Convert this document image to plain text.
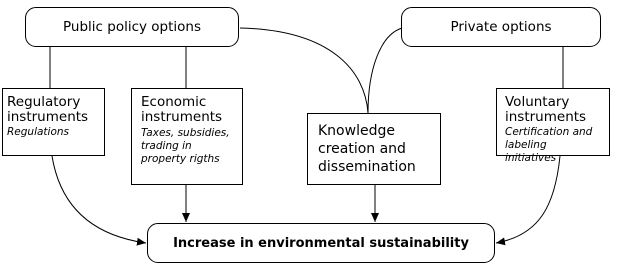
Public policy options	Private options
Regulatory instruments
Regulations
Economic instruments
Taxes, subsidies, trading in property rigths
Knowledge creation and dissemination
Voluntary instruments
Certification and labeling initiatives
Increase in environmental sustainability
